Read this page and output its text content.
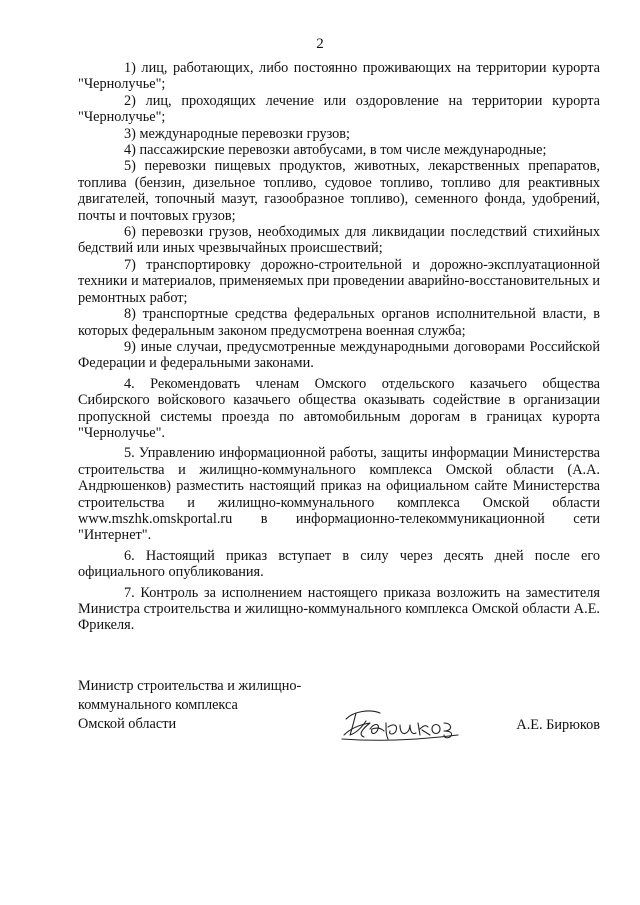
2

1) лиц, работающих, либо постоянно проживающих на территории курорта "Чернолучье";

2) лиц, проходящих лечение или оздоровление на территории курорта "Чернолучье";

3) международные перевозки грузов;

4) пассажирские перевозки автобусами, в том числе международные;

5) перевозки пищевых продуктов, животных, лекарственных препаратов, топлива (бензин, дизельное топливо, судовое топливо, топливо для реактивных двигателей, топочный мазут, газообразное топливо), семенного фонда, удобрений, почты и почтовых грузов;

6) перевозки грузов, необходимых для ликвидации последствий стихийных бедствий или иных чрезвычайных происшествий;

7) транспортировку дорожно-строительной и дорожно-эксплуатационной техники и материалов, применяемых при проведении аварийно-восстановительных и ремонтных работ;

8) транспортные средства федеральных органов исполнительной власти, в которых федеральным законом предусмотрена военная служба;

9) иные случаи, предусмотренные международными договорами Российской Федерации и федеральными законами.

4. Рекомендовать членам Омского отдельского казачьего общества Сибирского войскового казачьего общества оказывать содействие в организации пропускной системы проезда по автомобильным дорогам в границах курорта "Чернолучье".

5. Управлению информационной работы, защиты информации Министерства строительства и жилищно-коммунального комплекса Омской области (А.А. Андрюшенков) разместить настоящий приказ на официальном сайте Министерства строительства и жилищно-коммунального комплекса Омской области www.mszhk.omskportal.ru в информационно-телекоммуникационной сети "Интернет".

6. Настоящий приказ вступает в силу через десять дней после его официального опубликования.

7. Контроль за исполнением настоящего приказа возложить на заместителя Министра строительства и жилищно-коммунального комплекса Омской области А.Е. Фрикеля.

Министр строительства и жилищно-
коммунального комплекса
Омской области	А.Е. Бирюков
